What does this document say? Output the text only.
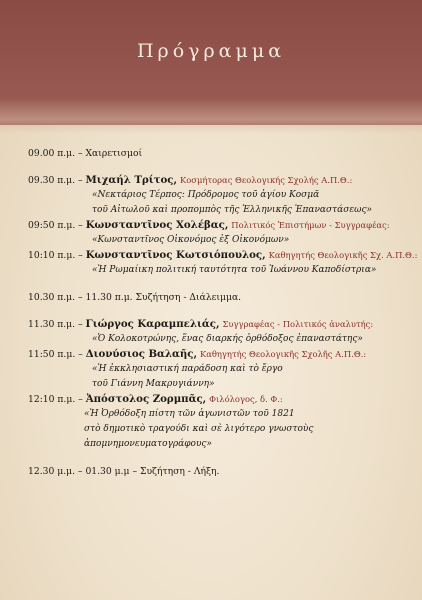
Πρόγραμμα
09.00 π.μ. – Χαιρετισμοί
09.30 π.μ. – Μιχαήλ Τρίτος, Κοσμήτορας Θεολογικής Σχολής Α.Π.Θ.:
«Νεκτάριος Τέρπος: Πρόδρομος τοῦ ἁγίου Κοσμᾶ
τοῦ Αἰτωλοῦ καὶ προπομπὸς τῆς Ἑλληνικῆς Ἐπαναστάσεως»
09:50 π.μ. – Κωνσταντῖνος Χολέβας, Πολιτικός Ἐπιστήμων - Συγγραφέας:
«Κωνσταντῖνος Οἰκονόμος ἐξ Οἰκονόμων»
10:10 π.μ. – Κωνσταντῖνος Κωτσιόπουλος, Καθηγητής Θεολογικῆς Σχ. Α.Π.Θ.:
«Ἡ Ρωμαίικη πολιτική ταυτότητα τοῦ Ἰωάννου Καποδίστρια»
10.30 π.μ. – 11.30 π.μ. Συζήτηση - Διάλειμμα.
11.30 π.μ. – Γιώργος Καραμπελιάς, Συγγραφέας - Πολιτικός ἀναλυτής:
«Ὁ Κολοκοτρώνης, ἕνας διαρκής ὀρθόδοξος ἐπαναστάτης»
11:50 π.μ. – Διονύσιος Βαλαῆς, Καθηγητής Θεολογικῆς Σχολῆς Α.Π.Θ.:
«Ἡ ἐκκλησιαστική παράδοση καὶ τὸ ἔργο
τοῦ Γιάννη Μακρυγιάννη»
12:10 π.μ. – Ἀπόστολος Ζορμπᾶς, Φιλόλογος, δ. Φ.:
«Ἡ Ὀρθόδοξη πίστη τῶν ἀγωνιστῶν τοῦ 1821
στὸ δημοτικὸ τραγούδι καὶ σὲ λιγότερο γνωστοὺς
ἀπομνημονευματογράφους»
12.30 μ.μ. – 01.30 μ.μ – Συζήτηση - Λήξη.
